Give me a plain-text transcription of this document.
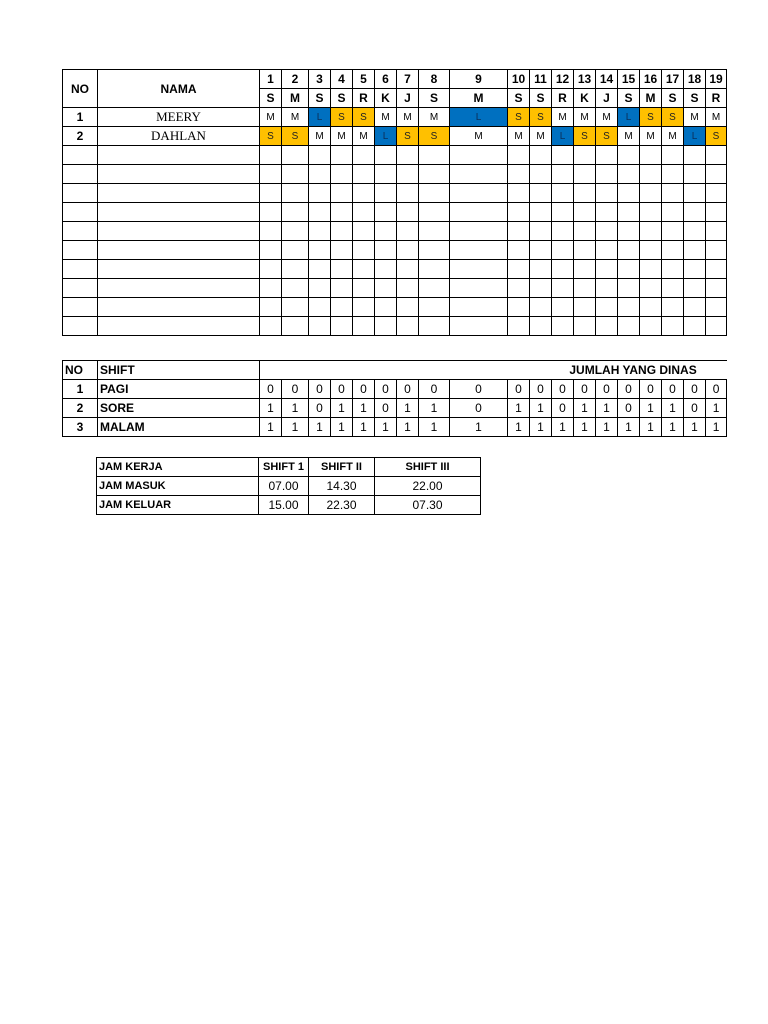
NO	NAMA	1	2	3	4	5	6	7	8	9	10	11	12	13	14	15	16	17	18	19
		S	M	S	S	R	K	J	S	M	S	S	R	K	J	S	M	S	S	R
1	MEERY	M	M	L	S	S	M	M	M	L	S	S	M	M	M	L	S	S	M	M
2	DAHLAN	S	S	M	M	M	L	S	S	M	M	M	L	S	S	M	M	M	L	S

NO	SHIFT	JUMLAH YANG DINAS																		
1	PAGI	0	0	0	0	0	0	0	0	0	0	0	0	0	0	0	0	0	0	0
2	SORE	1	1	0	1	1	0	1	1	0	1	1	0	1	1	0	1	1	0	1
3	MALAM	1	1	1	1	1	1	1	1	1	1	1	1	1	1	1	1	1	1	1
JAM KERJA	SHIFT 1	SHIFT II	SHIFT III
JAM MASUK	07.00	14.30	22.00
JAM KELUAR	15.00	22.30	07.30
